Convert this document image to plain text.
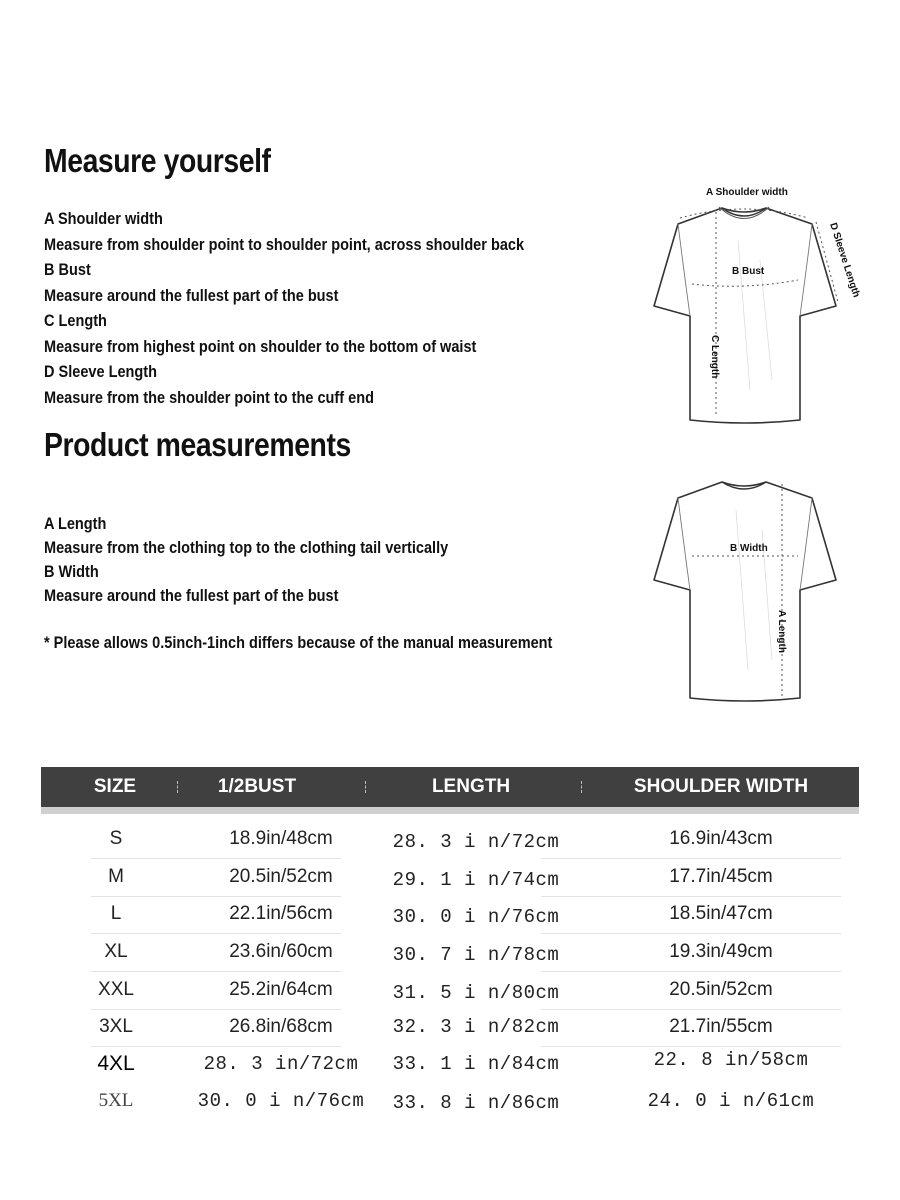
Measure yourself
A Shoulder width
Measure from shoulder point to shoulder point, across shoulder back
B Bust
Measure around the fullest part of the bust
C Length
Measure from highest point on shoulder to the bottom of waist
D Sleeve Length
Measure from the shoulder point to the cuff end
A Shoulder width
B Bust
C Length
D Sleeve Length
Product measurements
A Length
Measure from the clothing top to the clothing tail vertically
B Width
Measure around the fullest part of the bust
* Please allows 0.5inch-1inch differs because of the manual measurement
B Width
A Length
SIZE	1/2BUST	LENGTH	SHOULDER WIDTH
S	18.9in/48cm	28. 3 i n/72cm	16.9in/43cm
M	20.5in/52cm	29. 1 i n/74cm	17.7in/45cm
L	22.1in/56cm	30. 0 i n/76cm	18.5in/47cm
XL	23.6in/60cm	30. 7 i n/78cm	19.3in/49cm
XXL	25.2in/64cm	31. 5 i n/80cm	20.5in/52cm
3XL	26.8in/68cm	32. 3 i n/82cm	21.7in/55cm
4XL	28. 3 in/72cm	33. 1 i n/84cm	22. 8 in/58cm
5XL	30. 0 i n/76cm	33. 8 i n/86cm	24. 0 i n/61cm
